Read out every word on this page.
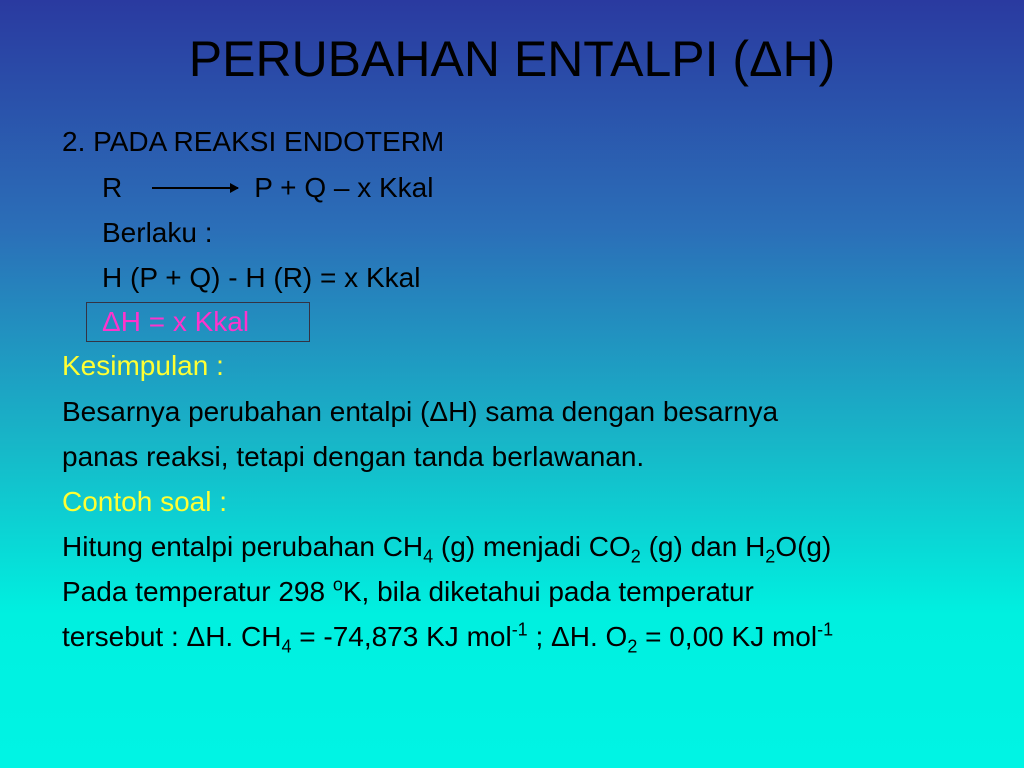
PERUBAHAN ENTALPI (ΔH)
2. PADA REAKSI ENDOTERM
R	P + Q – x Kkal
Berlaku :
H (P + Q) - H (R) = x Kkal
ΔH = x Kkal
Kesimpulan :
Besarnya perubahan entalpi (ΔH) sama dengan besarnya
panas reaksi, tetapi dengan tanda berlawanan.
Contoh soal :
Hitung entalpi perubahan $CH_4$ (g) menjadi $CO_2$ (g) dan $H_2O(g)$
Pada temperatur 298 $^o$K, bila diketahui pada temperatur
tersebut : ΔH. $CH_4 = -74,873$ KJ mol$^{-1}$ ; ΔH. $O_2 = 0,00$ KJ mol$^{-1}$
